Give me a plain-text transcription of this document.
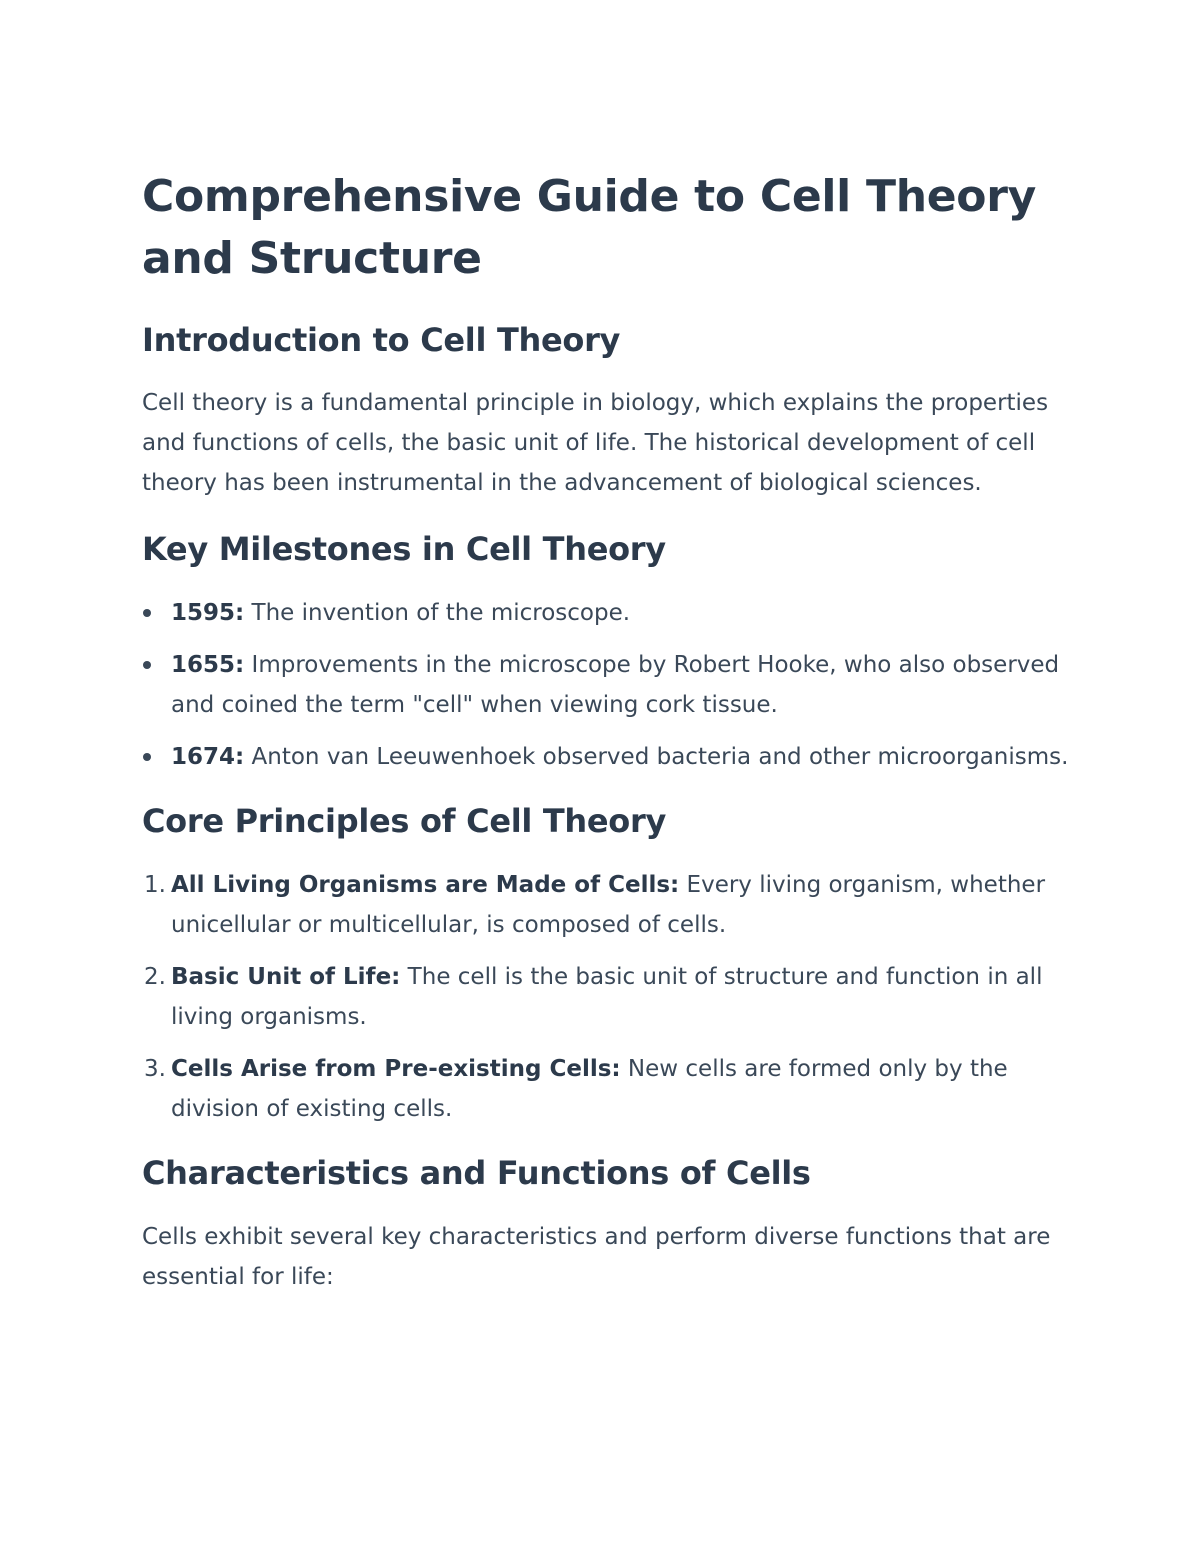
Comprehensive Guide to Cell Theory and Structure
Introduction to Cell Theory

Cell theory is a fundamental principle in biology, which explains the properties and functions of cells, the basic unit of life. The historical development of cell theory has been instrumental in the advancement of biological sciences.

Key Milestones in Cell Theory
1595: The invention of the microscope.
1655: Improvements in the microscope by Robert Hooke, who also observed and coined the term "cell" when viewing cork tissue.
1674: Anton van Leeuwenhoek observed bacteria and other microorganisms.
Core Principles of Cell Theory
1. All Living Organisms are Made of Cells: Every living organism, whether unicellular or multicellular, is composed of cells.
2. Basic Unit of Life: The cell is the basic unit of structure and function in all living organisms.
3. Cells Arise from Pre-existing Cells: New cells are formed only by the division of existing cells.
Characteristics and Functions of Cells

Cells exhibit several key characteristics and perform diverse functions that are essential for life:
